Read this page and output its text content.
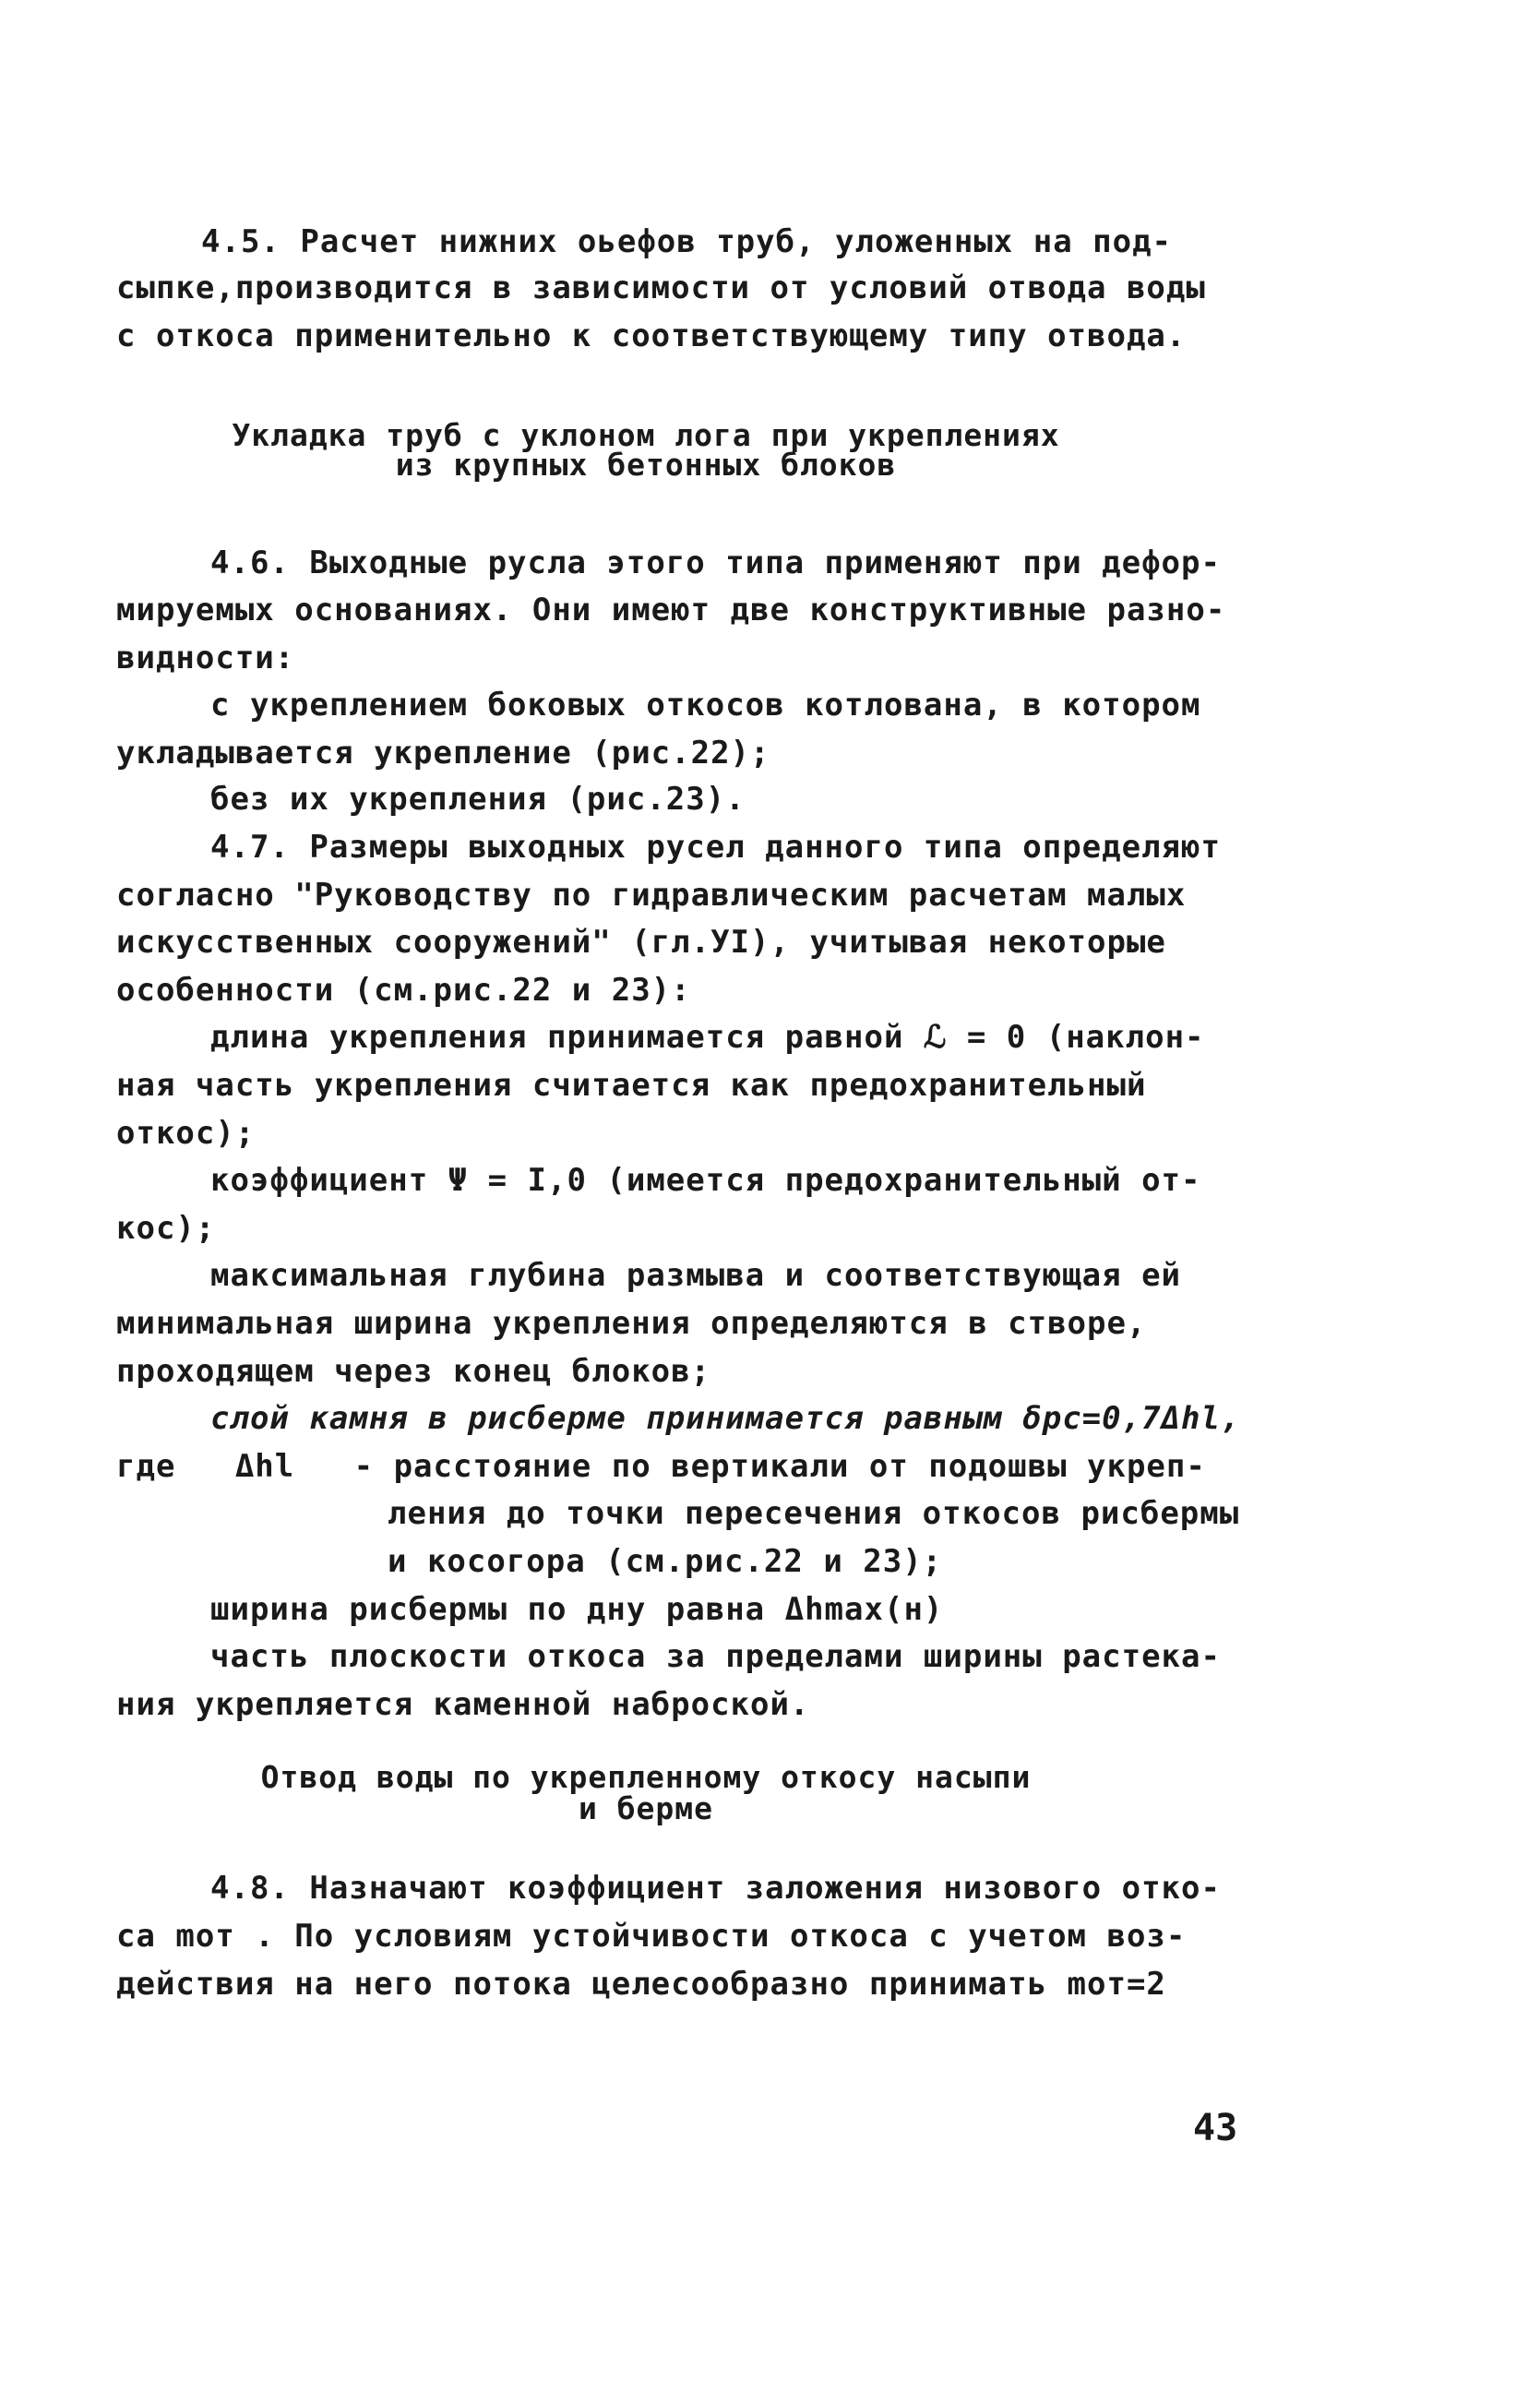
4.5. Расчет нижних оьефов труб, уложенных на под-
сыпке,производится в зависимости от условий отвода воды
с откоса применительно к соответствующему типу отвода.
Укладка труб с уклоном лога при укреплениях
из крупных бетонных блоков
4.6. Выходные русла этого типа применяют при дефор-
мируемых основаниях. Они имеют две конструктивные разно-
видности:
с укреплением боковых откосов котлована, в котором
укладывается укрепление (рис.22);
без их укрепления (рис.23).
4.7. Размеры выходных русел данного типа определяют
согласно "Руководству по гидравлическим расчетам малых
искусственных сооружений" (гл.УI), учитывая некоторые
особенности (см.рис.22 и 23):
длина укрепления принимается равной ℒ = 0 (наклон-
ная часть укрепления считается как предохранительный
откос);
коэффициент Ψ = I,0 (имеется предохранительный от-
кос);
максимальная глубина размыва и соответствующая ей
минимальная ширина укрепления определяются в створе,
проходящем через конец блоков;
слой камня в рисберме принимается равным δрс=0,7Δhl,
где   Δhl   - расстояние по вертикали от подошвы укреп-
ления до точки пересечения откосов рисбермы
и косогора (см.рис.22 и 23);
ширина рисбермы по дну равна Δhmax(н)
часть плоскости откоса за пределами ширины растека-
ния укрепляется каменной наброской.
Отвод воды по укрепленному откосу насыпи
и берме
4.8. Назначают коэффициент заложения низового отко-
са mот . По условиям устойчивости откоса с учетом воз-
действия на него потока целесообразно принимать mот=2
43
